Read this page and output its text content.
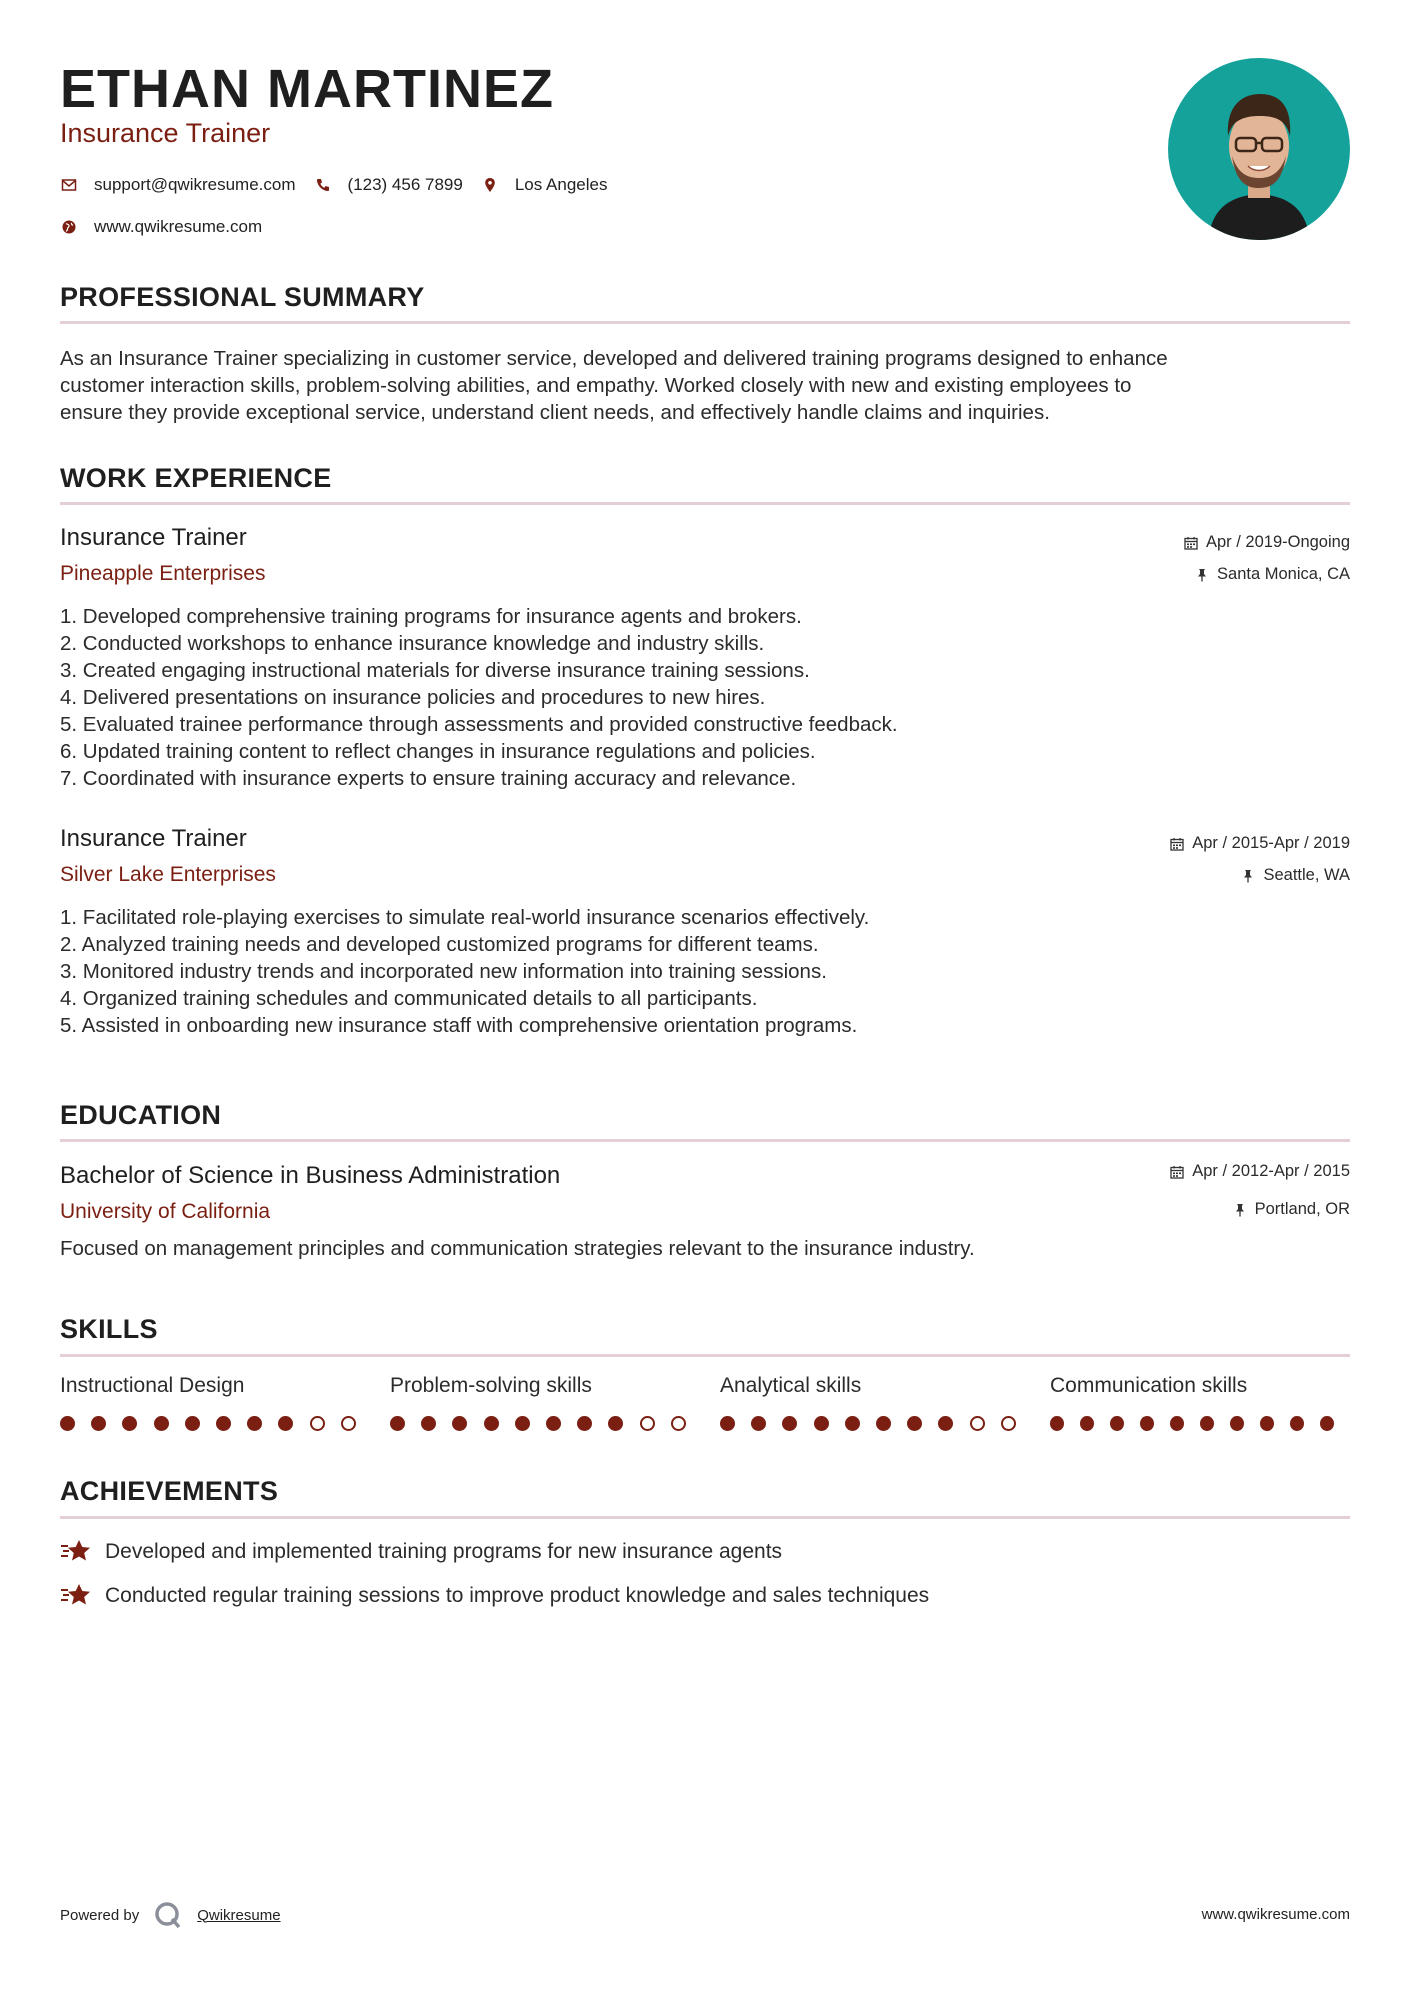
ETHAN MARTINEZ
Insurance Trainer
support@qwikresume.com	(123) 456 7899	Los Angeles
www.qwikresume.com
PROFESSIONAL SUMMARY
As an Insurance Trainer specializing in customer service, developed and delivered training programs designed to enhance
customer interaction skills, problem-solving abilities, and empathy. Worked closely with new and existing employees to
ensure they provide exceptional service, understand client needs, and effectively handle claims and inquiries.
WORK EXPERIENCE
Insurance Trainer
Pineapple Enterprises
Apr / 2019-Ongoing
Santa Monica, CA
1. Developed comprehensive training programs for insurance agents and brokers.
2. Conducted workshops to enhance insurance knowledge and industry skills.
3. Created engaging instructional materials for diverse insurance training sessions.
4. Delivered presentations on insurance policies and procedures to new hires.
5. Evaluated trainee performance through assessments and provided constructive feedback.
6. Updated training content to reflect changes in insurance regulations and policies.
7. Coordinated with insurance experts to ensure training accuracy and relevance.
Insurance Trainer
Silver Lake Enterprises
Apr / 2015-Apr / 2019
Seattle, WA
1. Facilitated role-playing exercises to simulate real-world insurance scenarios effectively.
2. Analyzed training needs and developed customized programs for different teams.
3. Monitored industry trends and incorporated new information into training sessions.
4. Organized training schedules and communicated details to all participants.
5. Assisted in onboarding new insurance staff with comprehensive orientation programs.
EDUCATION
Bachelor of Science in Business Administration
University of California
Apr / 2012-Apr / 2015
Portland, OR
Focused on management principles and communication strategies relevant to the insurance industry.
SKILLS
Instructional Design	Problem-solving skills	Analytical skills	Communication skills
ACHIEVEMENTS
Developed and implemented training programs for new insurance agents
Conducted regular training sessions to improve product knowledge and sales techniques
Powered by	Qwikresume	www.qwikresume.com
